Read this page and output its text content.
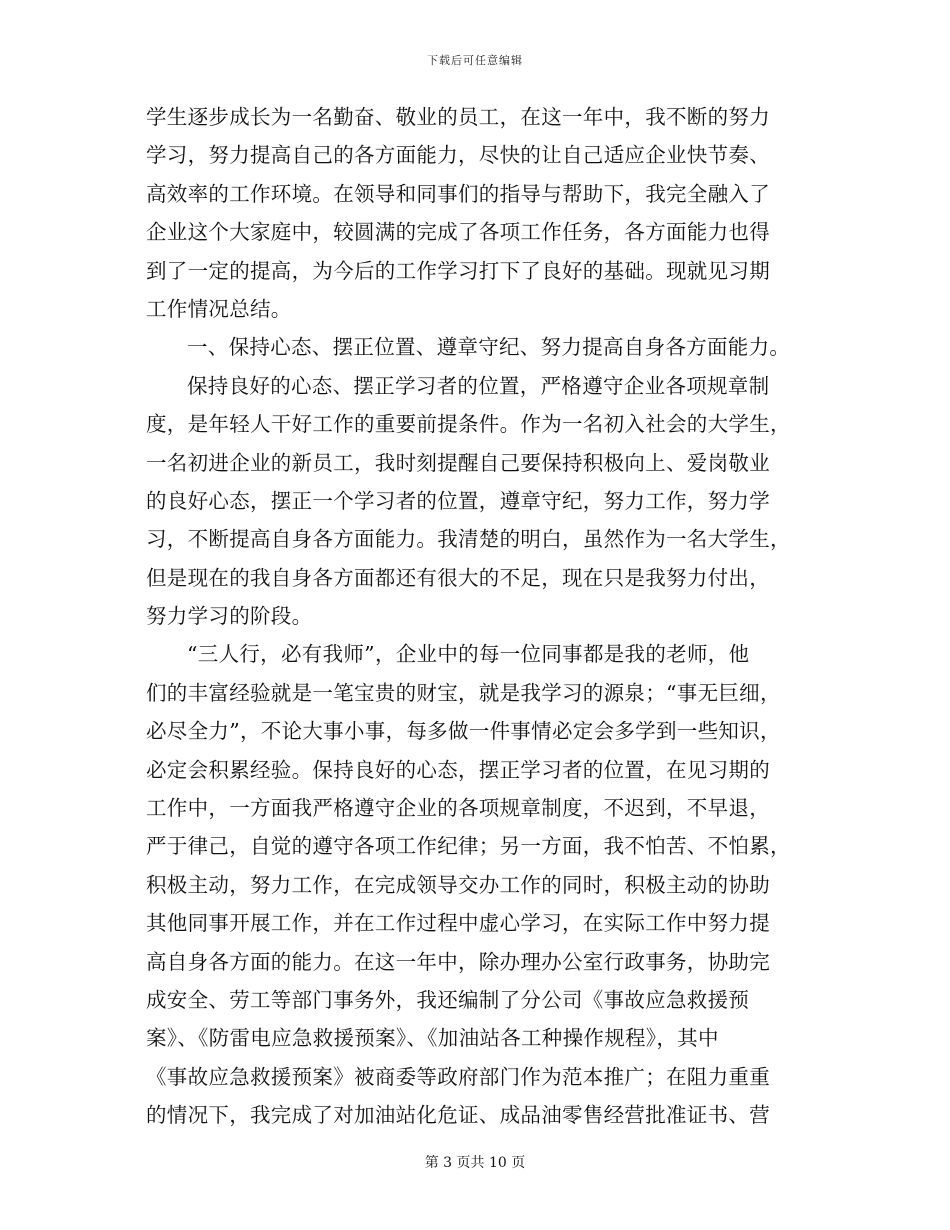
下载后可任意编辑
学生逐步成长为一名勤奋、敬业的员工，在这一年中，我不断的努力
学习，努力提高自己的各方面能力，尽快的让自己适应企业快节奏、
高效率的工作环境。在领导和同事们的指导与帮助下，我完全融入了
企业这个大家庭中，较圆满的完成了各项工作任务，各方面能力也得
到了一定的提高，为今后的工作学习打下了良好的基础。现就见习期
工作情况总结。
一、保持心态、摆正位置、遵章守纪、努力提高自身各方面能力。
保持良好的心态、摆正学习者的位置，严格遵守企业各项规章制
度，是年轻人干好工作的重要前提条件。作为一名初入社会的大学生，
一名初进企业的新员工，我时刻提醒自己要保持积极向上、爱岗敬业
的良好心态，摆正一个学习者的位置，遵章守纪，努力工作，努力学
习，不断提高自身各方面能力。我清楚的明白，虽然作为一名大学生，
但是现在的我自身各方面都还有很大的不足，现在只是我努力付出，
努力学习的阶段。
“三人行，必有我师”，企业中的每一位同事都是我的老师，他
们的丰富经验就是一笔宝贵的财宝，就是我学习的源泉；“事无巨细，
必尽全力”，不论大事小事，每多做一件事情必定会多学到一些知识，
必定会积累经验。保持良好的心态，摆正学习者的位置，在见习期的
工作中，一方面我严格遵守企业的各项规章制度，不迟到，不早退，
严于律己，自觉的遵守各项工作纪律；另一方面，我不怕苦、不怕累，
积极主动，努力工作，在完成领导交办工作的同时，积极主动的协助
其他同事开展工作，并在工作过程中虚心学习，在实际工作中努力提
高自身各方面的能力。在这一年中，除办理办公室行政事务，协助完
成安全、劳工等部门事务外，我还编制了分公司《事故应急救援预
案》、《防雷电应急救援预案》、《加油站各工种操作规程》，其中
《事故应急救援预案》被商委等政府部门作为范本推广；在阻力重重
的情况下，我完成了对加油站化危证、成品油零售经营批准证书、营
第 3 页共 10 页
